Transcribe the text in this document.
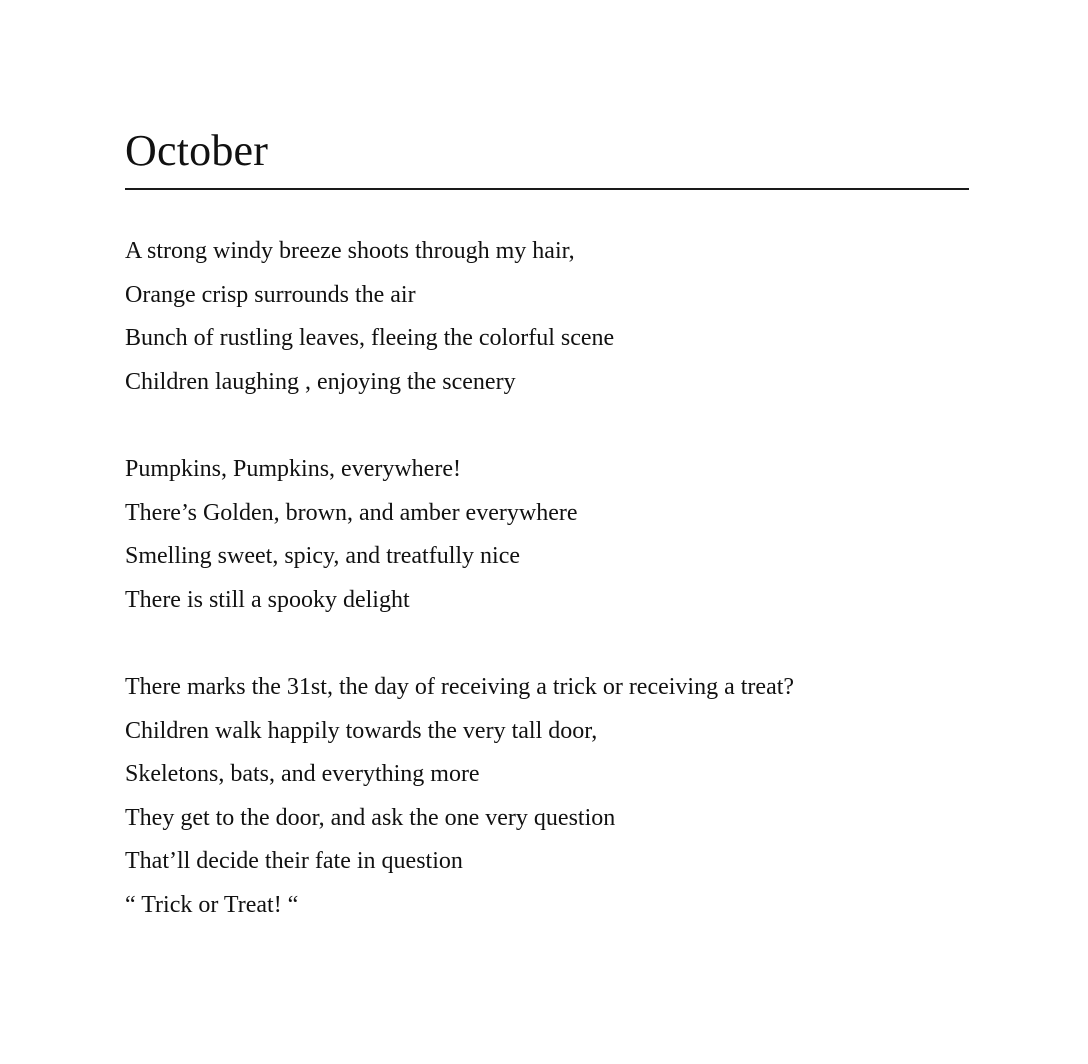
October
A strong windy breeze shoots through my hair,
Orange crisp surrounds the air
Bunch of rustling leaves, fleeing the colorful scene
Children laughing , enjoying the scenery
Pumpkins, Pumpkins, everywhere!
There’s Golden, brown, and amber everywhere
Smelling sweet, spicy, and treatfully nice
There is still a spooky delight
There marks the 31st, the day of receiving a trick or receiving a treat?
Children walk happily towards the very tall door,
Skeletons, bats, and everything more
They get to the door, and ask the one very question
That’ll decide their fate in question
“ Trick or Treat! “
